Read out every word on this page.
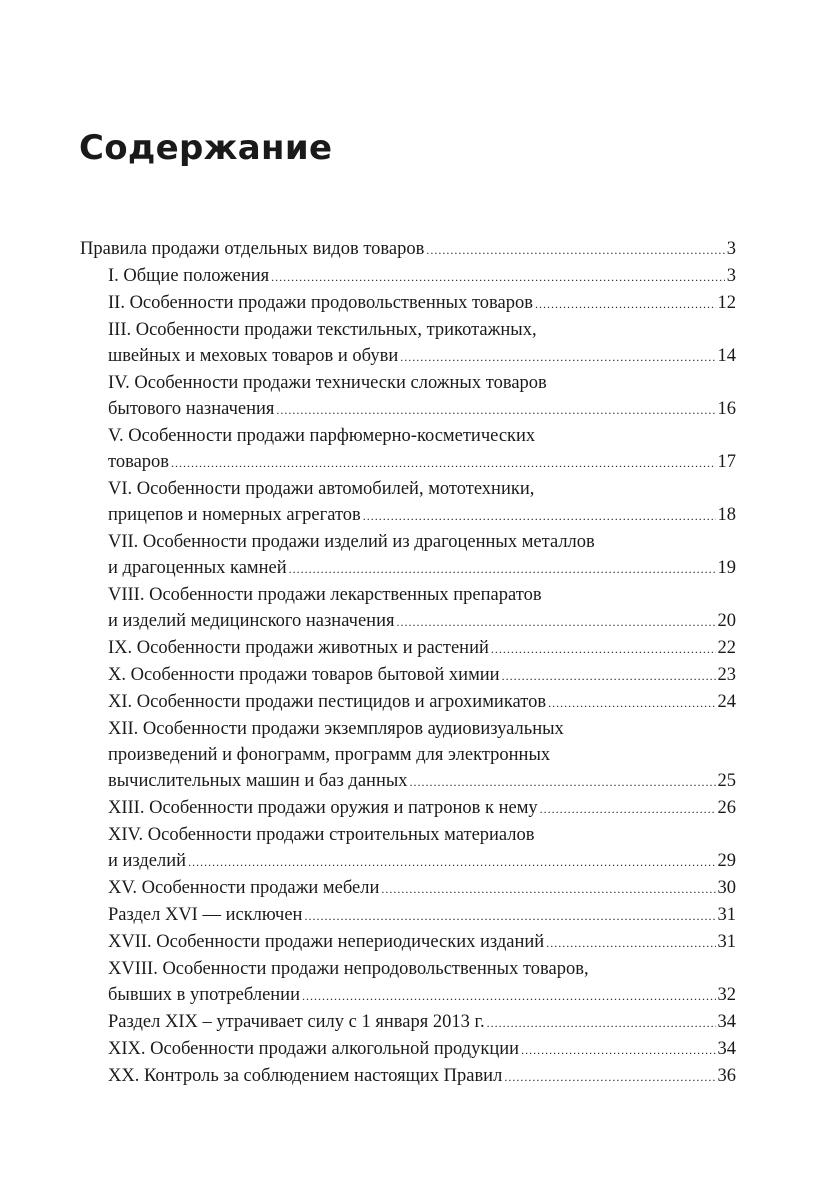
Содержание
Правила продажи отдельных видов товаров .....	3
I. Общие положения .....	3
II. Особенности продажи продовольственных товаров .....	12
III. Особенности продажи текстильных, трикотажных,
швейных и меховых товаров и обуви .....	14
IV. Особенности продажи технически сложных товаров
бытового назначения .....	16
V. Особенности продажи парфюмерно-косметических
товаров .....	17
VI. Особенности продажи автомобилей, мототехники,
прицепов и номерных агрегатов .....	18
VII. Особенности продажи изделий из драгоценных металлов
и драгоценных камней .....	19
VIII. Особенности продажи лекарственных препаратов
и изделий медицинского назначения .....	20
IX. Особенности продажи животных и растений .....	22
X. Особенности продажи товаров бытовой химии .....	23
XI. Особенности продажи пестицидов и агрохимикатов .....	24
XII. Особенности продажи экземпляров аудиовизуальных
произведений и фонограмм, программ для электронных
вычислительных машин и баз данных .....	25
XIII. Особенности продажи оружия и патронов к нему .....	26
XIV. Особенности продажи строительных материалов
и изделий .....	29
XV. Особенности продажи мебели .....	30
Раздел XVI — исключен .....	31
XVII. Особенности продажи непериодических изданий .....	31
XVIII. Особенности продажи непродовольственных товаров,
бывших в употреблении .....	32
Раздел XIX – утрачивает силу с 1 января 2013 г. .....	34
XIX. Особенности продажи алкогольной продукции .....	34
XX. Контроль за соблюдением настоящих Правил .....	36
